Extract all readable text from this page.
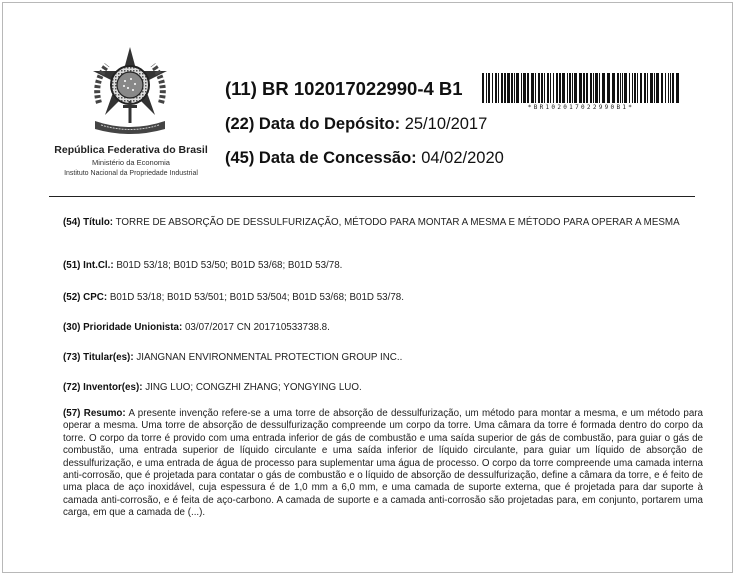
República Federativa do Brasil
Ministério da Economia
Instituto Nacional da Propriedade Industrial
(11) BR 102017022990-4 B1
(22) Data do Depósito: 25/10/2017
(45) Data de Concessão: 04/02/2020
*BR102017022990B1*
(54) Título: TORRE DE ABSORÇÃO DE DESSULFURIZAÇÃO, MÉTODO PARA MONTAR A MESMA E MÉTODO PARA OPERAR A MESMA
(51) Int.Cl.: B01D 53/18; B01D 53/50; B01D 53/68; B01D 53/78.
(52) CPC: B01D 53/18; B01D 53/501; B01D 53/504; B01D 53/68; B01D 53/78.
(30) Prioridade Unionista: 03/07/2017 CN 201710533738.8.
(73) Titular(es): JIANGNAN ENVIRONMENTAL PROTECTION GROUP INC..
(72) Inventor(es): JING LUO; CONGZHI ZHANG; YONGYING LUO.
(57) Resumo: A presente invenção refere-se a uma torre de absorção de dessulfurização, um método para montar a mesma, e um método para operar a mesma. Uma torre de absorção de dessulfurização compreende um corpo da torre. Uma câmara da torre é formada dentro do corpo da torre. O corpo da torre é provido com uma entrada inferior de gás de combustão e uma saída superior de gás de combustão, para guiar o gás de combustão, uma entrada superior de líquido circulante e uma saída inferior de líquido circulante, para guiar um líquido de absorção de dessulfurização, e uma entrada de água de processo para suplementar uma água de processo. O corpo da torre compreende uma camada interna anti-corrosão, que é projetada para contatar o gás de combustão e o líquido de absorção de dessulfurização, define a câmara da torre, e é feito de uma placa de aço inoxidável, cuja espessura é de 1,0 mm a 6,0 mm, e uma camada de suporte externa, que é projetada para dar suporte à camada anti-corrosão, e é feita de aço-carbono. A camada de suporte e a camada anti-corrosão são projetadas para, em conjunto, portarem uma carga, em que a camada de (...).
